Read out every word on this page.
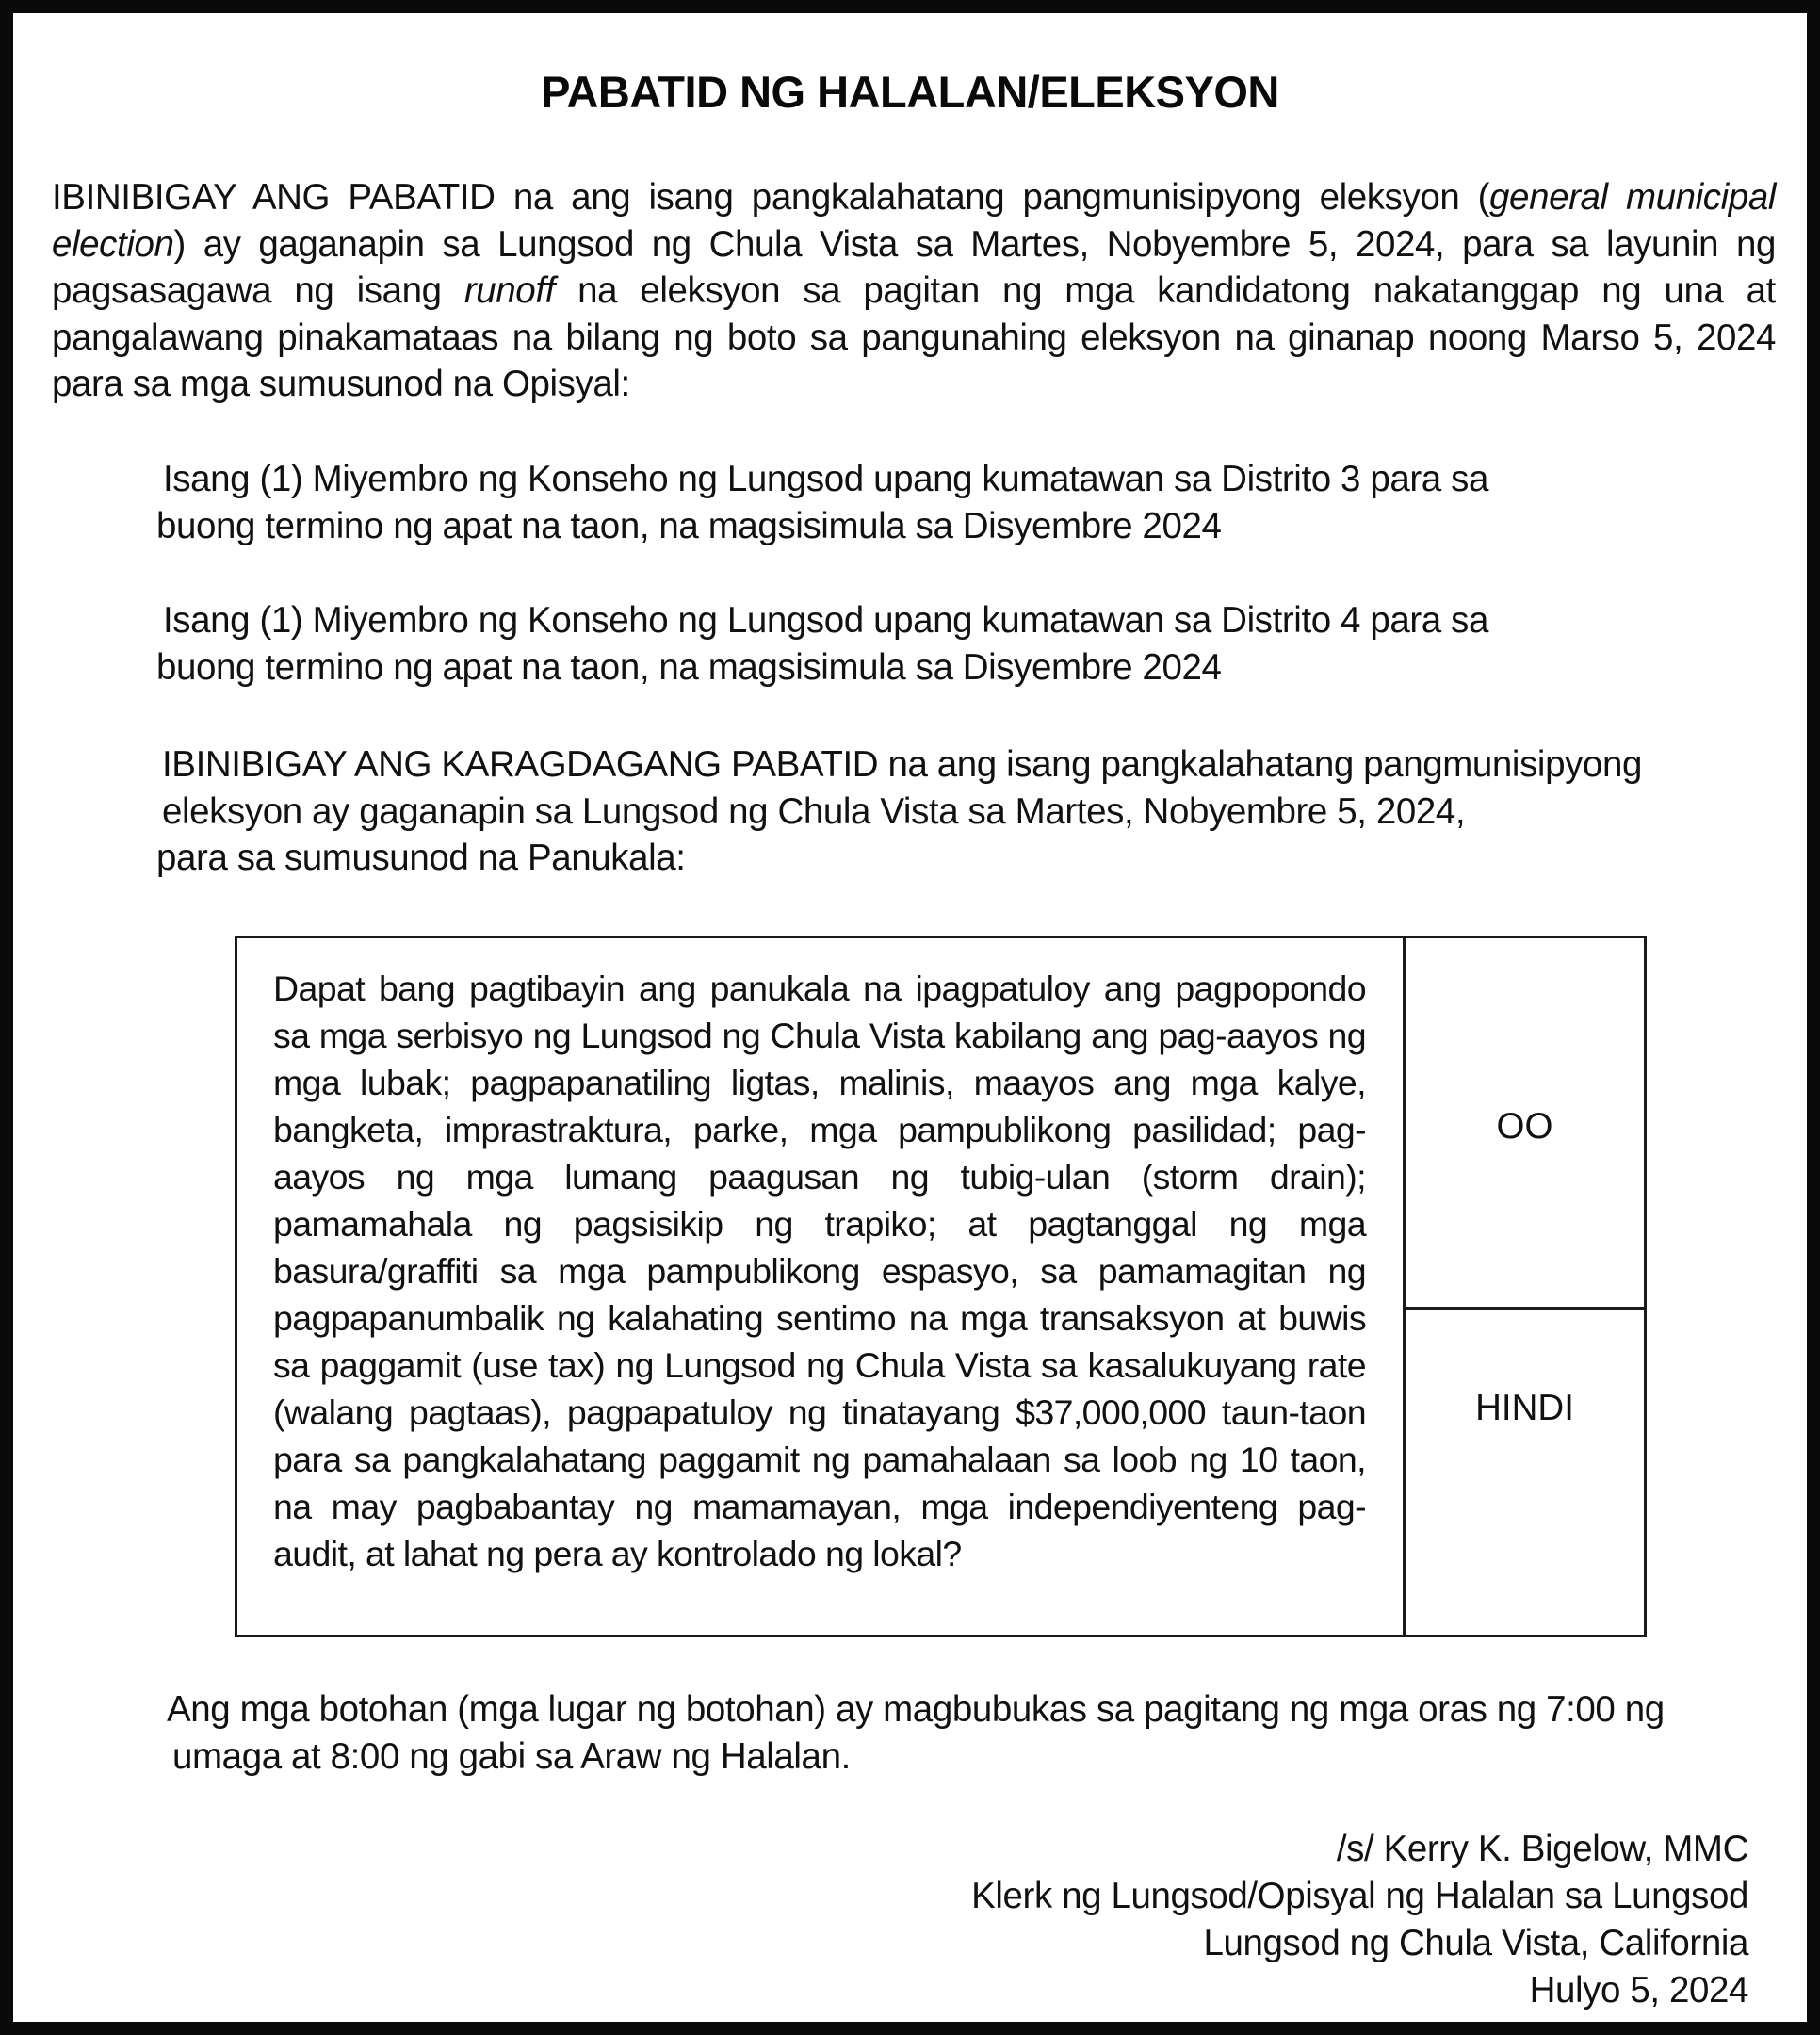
PABATID NG HALALAN/ELEKSYON
IBINIBIGAY ANG PABATID na ang isang pangkalahatang pangmunisipyong eleksyon (general municipal election) ay gaganapin sa Lungsod ng Chula Vista sa Martes, Nobyembre 5, 2024, para sa layunin ng pagsasagawa ng isang runoff na eleksyon sa pagitan ng mga kandidatong nakatanggap ng una at pangalawang pinakamataas na bilang ng boto sa pangunahing eleksyon na ginanap noong Marso 5, 2024 para sa mga sumusunod na Opisyal:
Isang (1) Miyembro ng Konseho ng Lungsod upang kumatawan sa Distrito 3 para sa
buong termino ng apat na taon, na magsisimula sa Disyembre 2024
Isang (1) Miyembro ng Konseho ng Lungsod upang kumatawan sa Distrito 4 para sa
buong termino ng apat na taon, na magsisimula sa Disyembre 2024
IBINIBIGAY ANG KARAGDAGANG PABATID na ang isang pangkalahatang pangmunisipyong
eleksyon ay gaganapin sa Lungsod ng Chula Vista sa Martes, Nobyembre 5, 2024,
para sa sumusunod na Panukala:
Dapat bang pagtibayin ang panukala na ipagpatuloy ang pagpopondo sa mga serbisyo ng Lungsod ng Chula Vista kabilang ang pag-aayos ng mga lubak; pagpapanatiling ligtas, malinis, maayos ang mga kalye, bangketa, imprastraktura, parke, mga pampublikong pasilidad; pag-aayos ng mga lumang paagusan ng tubig-ulan (storm drain); pamamahala ng pagsisikip ng trapiko; at pagtanggal ng mga basura/graffiti sa mga pampublikong espasyo, sa pamamagitan ng pagpapanumbalik ng kalahating sentimo na mga transaksyon at buwis sa paggamit (use tax) ng Lungsod ng Chula Vista sa kasalukuyang rate (walang pagtaas), pagpapatuloy ng tinatayang $37,000,000 taun-taon para sa pangkalahatang paggamit ng pamahalaan sa loob ng 10 taon, na may pagbabantay ng mamamayan, mga independiyenteng pag-audit, at lahat ng pera ay kontrolado ng lokal?
OO
HINDI
Ang mga botohan (mga lugar ng botohan) ay magbubukas sa pagitang ng mga oras ng 7:00 ng
umaga at 8:00 ng gabi sa Araw ng Halalan.
/s/ Kerry K. Bigelow, MMC
Klerk ng Lungsod/Opisyal ng Halalan sa Lungsod
Lungsod ng Chula Vista, California
Hulyo 5, 2024
